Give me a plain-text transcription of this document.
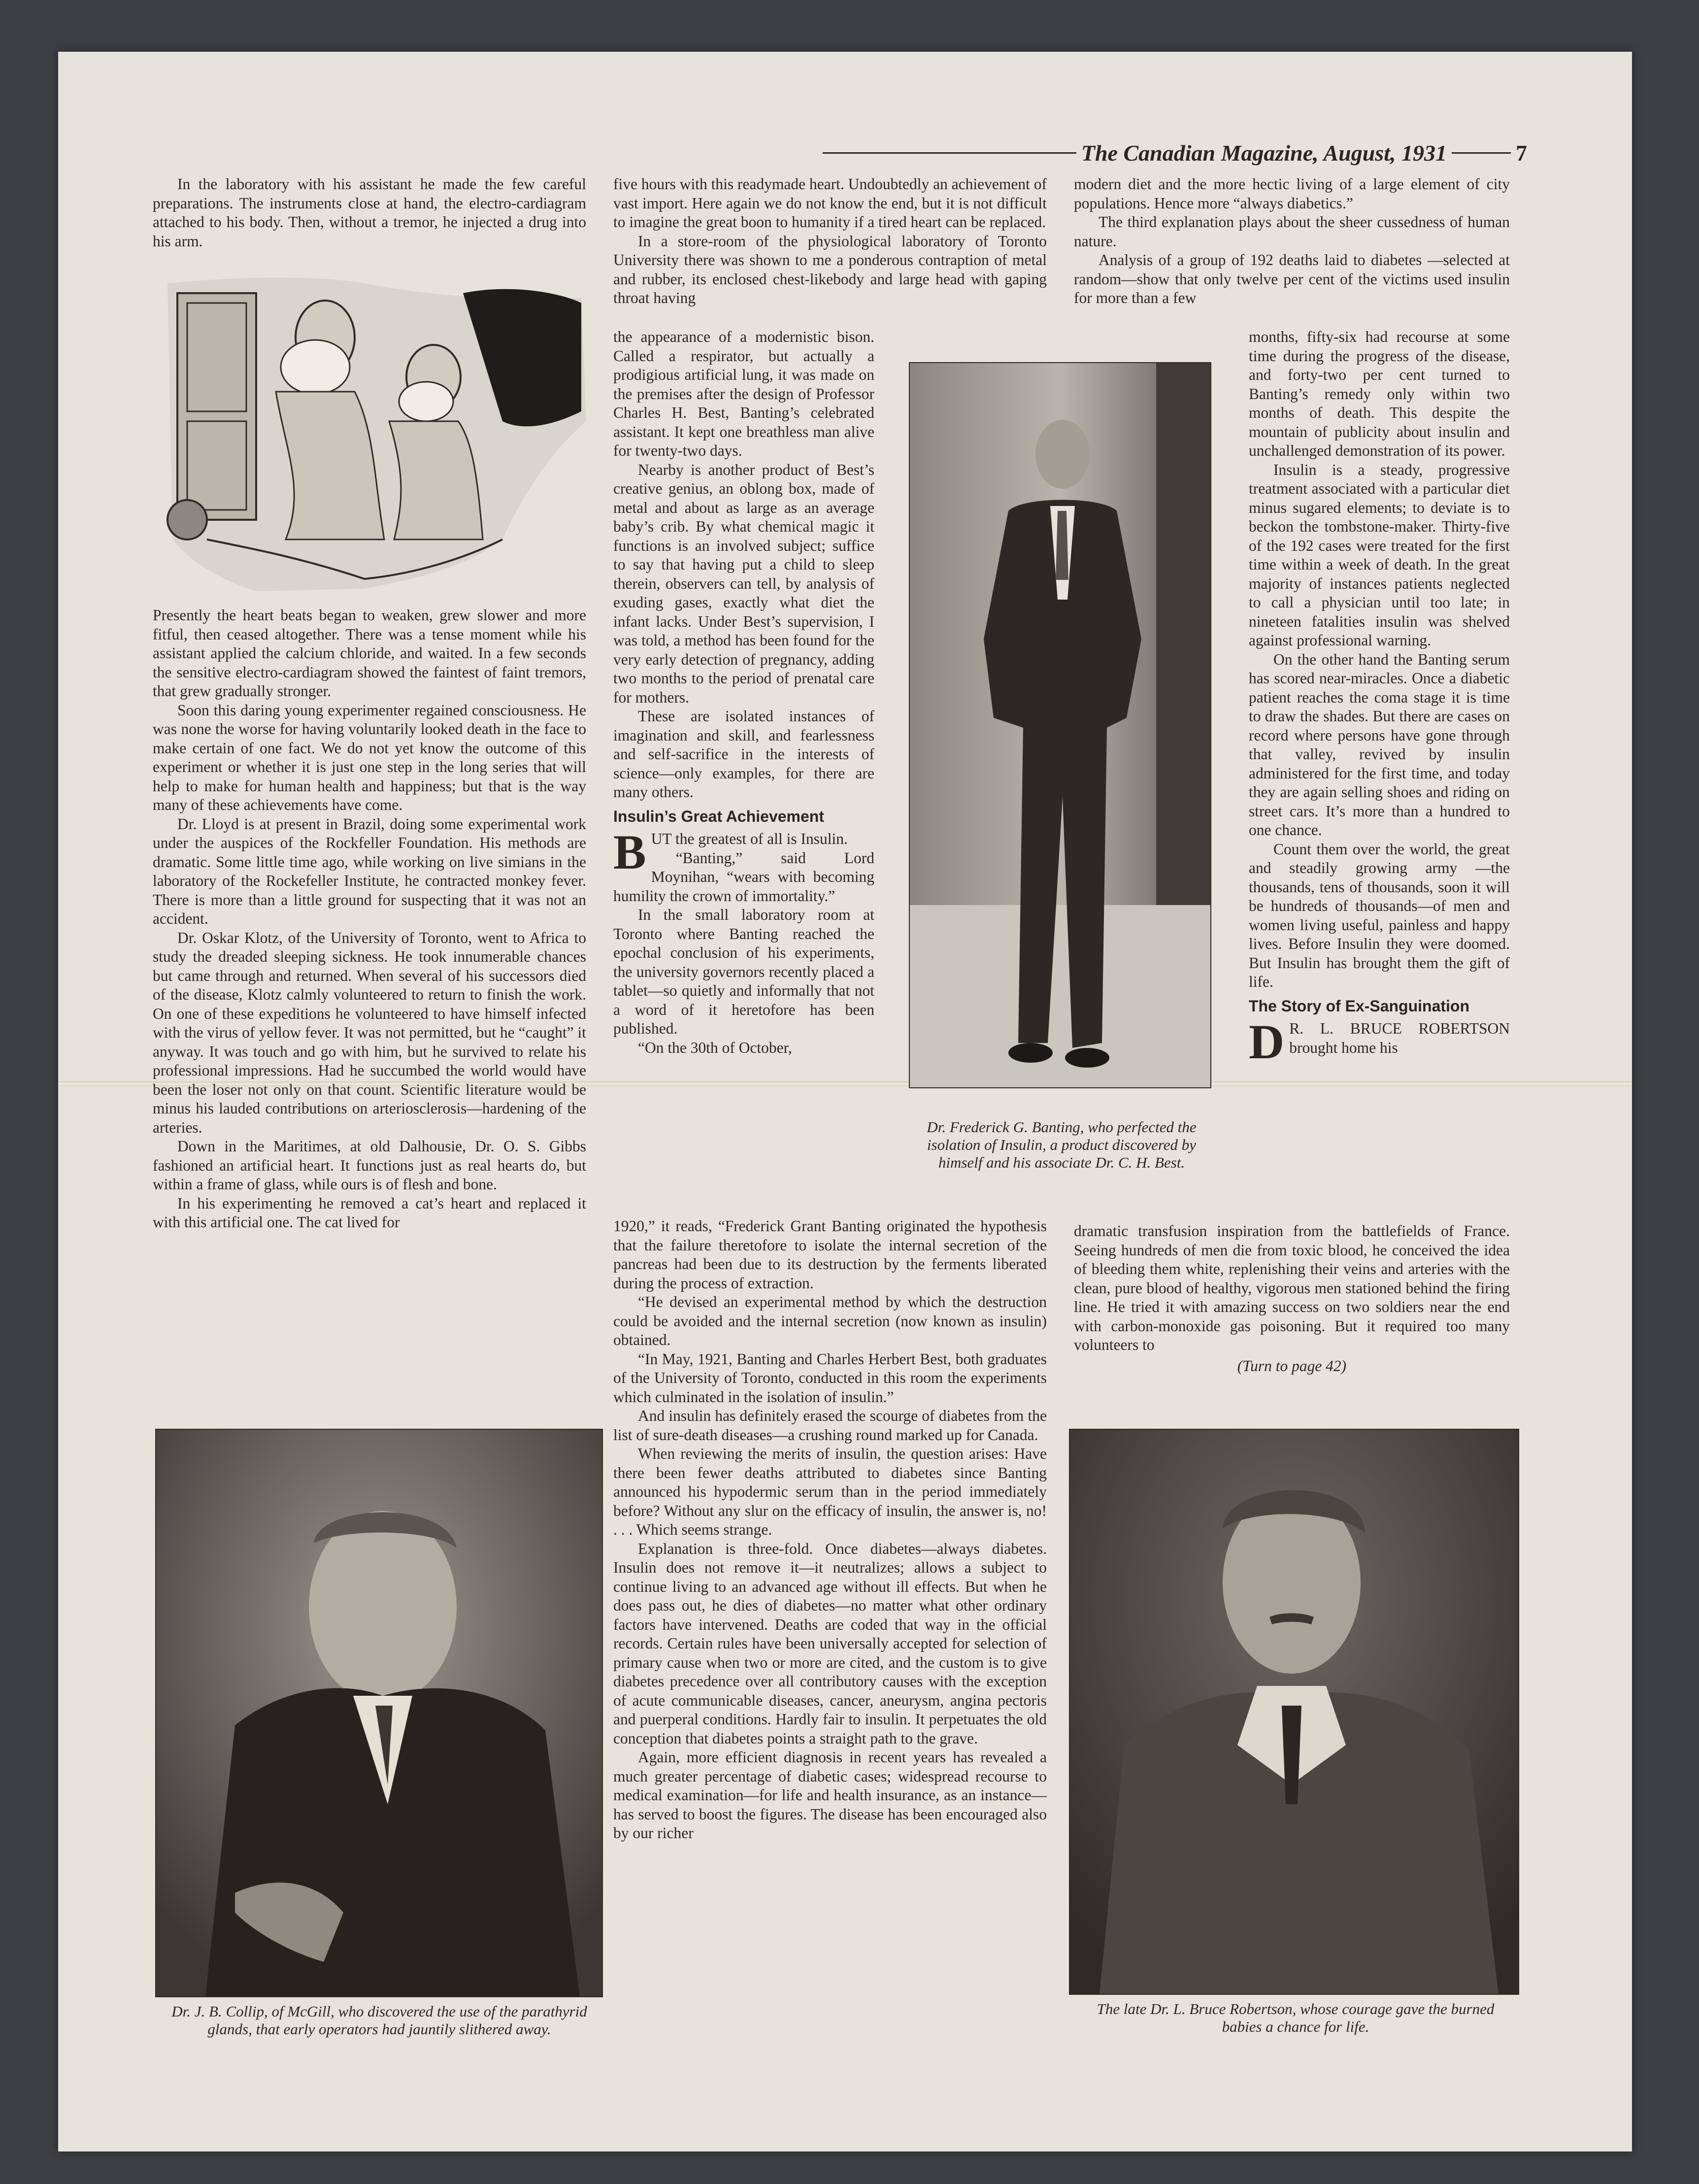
The Canadian Magazine, August, 1931	7

In the laboratory with his assistant he made the few careful preparations. The instruments close at hand, the electro-cardiagram attached to his body. Then, without a tremor, he injected a drug into his arm.

Presently the heart beats began to weaken, grew slower and more fitful, then ceased altogether. There was a tense moment while his assistant applied the calcium chloride, and waited. In a few seconds the sensitive electro-cardiagram showed the faintest of faint tremors, that grew gradually stronger.

Soon this daring young experimenter regained consciousness. He was none the worse for having voluntarily looked death in the face to make certain of one fact. We do not yet know the outcome of this experiment or whether it is just one step in the long series that will help to make for human health and happiness; but that is the way many of these achievements have come.

Dr. Lloyd is at present in Brazil, doing some experimental work under the auspices of the Rockfeller Foundation. His methods are dramatic. Some little time ago, while working on live simians in the laboratory of the Rockefeller Institute, he contracted monkey fever. There is more than a little ground for suspecting that it was not an accident.

Dr. Oskar Klotz, of the University of Toronto, went to Africa to study the dreaded sleeping sickness. He took innumerable chances but came through and returned. When several of his successors died of the disease, Klotz calmly volunteered to return to finish the work. On one of these expeditions he volunteered to have himself infected with the virus of yellow fever. It was not permitted, but he “caught” it anyway. It was touch and go with him, but he survived to relate his professional impressions. Had he succumbed the world would have been the loser not only on that count. Scientific literature would be minus his lauded contributions on arteriosclerosis—hardening of the arteries.

Down in the Maritimes, at old Dalhousie, Dr. O. S. Gibbs fashioned an artificial heart. It functions just as real hearts do, but within a frame of glass, while ours is of flesh and bone.

In his experimenting he removed a cat’s heart and replaced it with this artificial one. The cat lived for

five hours with this readymade heart. Undoubtedly an achievement of vast import. Here again we do not know the end, but it is not difficult to imagine the great boon to humanity if a tired heart can be replaced.

In a store-room of the physiological laboratory of Toronto University there was shown to me a ponderous contraption of metal and rubber, its enclosed chest-likebody and large head with gaping throat having

the appearance of a modernistic bison. Called a respirator, but actually a prodigious artificial lung, it was made on the premises after the design of Professor Charles H. Best, Banting’s celebrated assistant. It kept one breathless man alive for twenty-two days.

Nearby is another product of Best’s creative genius, an oblong box, made of metal and about as large as an average baby’s crib. By what chemical magic it functions is an involved subject; suffice to say that having put a child to sleep therein, observers can tell, by analysis of exuding gases, exactly what diet the infant lacks. Under Best’s supervision, I was told, a method has been found for the very early detection of pregnancy, adding two months to the period of prenatal care for mothers.

These are isolated instances of imagination and skill, and fearlessness and self-sacrifice in the interests of science—only examples, for there are many others.

Insulin’s Great Achievement

BUT the greatest of all is Insulin.

“Banting,” said Lord Moynihan, “wears with becoming humility the crown of immortality.”

In the small laboratory room at Toronto where Banting reached the epochal conclusion of his experiments, the university governors recently placed a tablet—so quietly and informally that not a word of it heretofore has been published.

“On the 30th of October,

1920,” it reads, “Frederick Grant Banting originated the hypothesis that the failure theretofore to isolate the internal secretion of the pancreas had been due to its destruction by the ferments liberated during the process of extraction.

“He devised an experimental method by which the destruction could be avoided and the internal secretion (now known as insulin) obtained.

“In May, 1921, Banting and Charles Herbert Best, both graduates of the University of Toronto, conducted in this room the experiments which culminated in the isolation of insulin.”

And insulin has definitely erased the scourge of diabetes from the list of sure-death diseases—a crushing round marked up for Canada.

When reviewing the merits of insulin, the question arises: Have there been fewer deaths attributed to diabetes since Banting announced his hypodermic serum than in the period immediately before? Without any slur on the efficacy of insulin, the answer is, no! . . . Which seems strange.

Explanation is three-fold. Once diabetes—always diabetes. Insulin does not remove it—it neutralizes; allows a subject to continue living to an advanced age without ill effects. But when he does pass out, he dies of diabetes—no matter what other ordinary factors have intervened. Deaths are coded that way in the official records. Certain rules have been universally accepted for selection of primary cause when two or more are cited, and the custom is to give diabetes precedence over all contributory causes with the exception of acute communicable diseases, cancer, aneurysm, angina pectoris and puerperal conditions. Hardly fair to insulin. It perpetuates the old conception that diabetes points a straight path to the grave.

Again, more efficient diagnosis in recent years has revealed a much greater percentage of diabetic cases; widespread recourse to medical examination—for life and health insurance, as an instance—has served to boost the figures. The disease has been encouraged also by our richer

Dr. Frederick G. Banting, who perfected the isolation of Insulin, a product discovered by himself and his associate Dr. C. H. Best.

modern diet and the more hectic living of a large element of city populations. Hence more “always diabetics.”

The third explanation plays about the sheer cussedness of human nature.

Analysis of a group of 192 deaths laid to diabetes —selected at random—show that only twelve per cent of the victims used insulin for more than a few

months, fifty-six had recourse at some time during the progress of the disease, and forty-two per cent turned to Banting’s remedy only within two months of death. This despite the mountain of publicity about insulin and unchallenged demonstration of its power.

Insulin is a steady, progressive treatment associated with a particular diet minus sugared elements; to deviate is to beckon the tombstone-maker. Thirty-five of the 192 cases were treated for the first time within a week of death. In the great majority of instances patients neglected to call a physician until too late; in nineteen fatalities insulin was shelved against professional warning.

On the other hand the Banting serum has scored near-miracles. Once a diabetic patient reaches the coma stage it is time to draw the shades. But there are cases on record where persons have gone through that valley, revived by insulin administered for the first time, and today they are again selling shoes and riding on street cars. It’s more than a hundred to one chance.

Count them over the world, the great and steadily growing army —the thousands, tens of thousands, soon it will be hundreds of thousands—of men and women living useful, painless and happy lives. Before Insulin they were doomed. But Insulin has brought them the gift of life.

The Story of Ex-Sanguination

D R. L. BRUCE ROBERTSON brought home his

dramatic transfusion inspiration from the battlefields of France. Seeing hundreds of men die from toxic blood, he conceived the idea of bleeding them white, replenishing their veins and arteries with the clean, pure blood of healthy, vigorous men stationed behind the firing line. He tried it with amazing success on two soldiers near the end with carbon-monoxide gas poisoning. But it required too many volunteers to

(Turn to page 42)
Dr. J. B. Collip, of McGill, who discovered the use of the parathyrid glands, that early operators had jauntily slithered away.
The late Dr. L. Bruce Robertson, whose courage gave the burned babies a chance for life.
